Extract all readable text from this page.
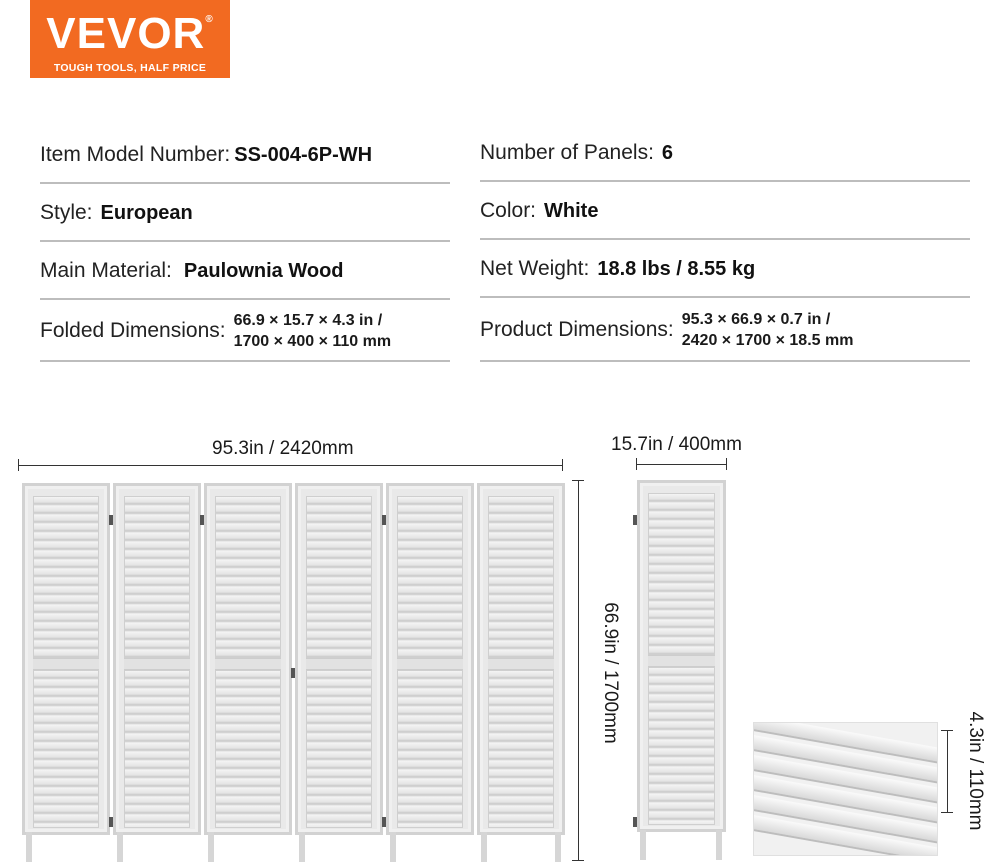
VEVOR®
TOUGH TOOLS, HALF PRICE
Item Model Number: SS-004-6P-WH
Style: European
Main Material: Paulownia Wood
Folded Dimensions: 66.9 × 15.7 × 4.3 in /
1700 × 400 × 110 mm
Number of Panels: 6
Color: White
Net Weight: 18.8 lbs / 8.55 kg
Product Dimensions: 95.3 × 66.9 × 0.7 in /
2420 × 1700 × 18.5 mm
95.3in / 2420mm
66.9in / 1700mm
15.7in / 400mm
4.3in / 110mm
